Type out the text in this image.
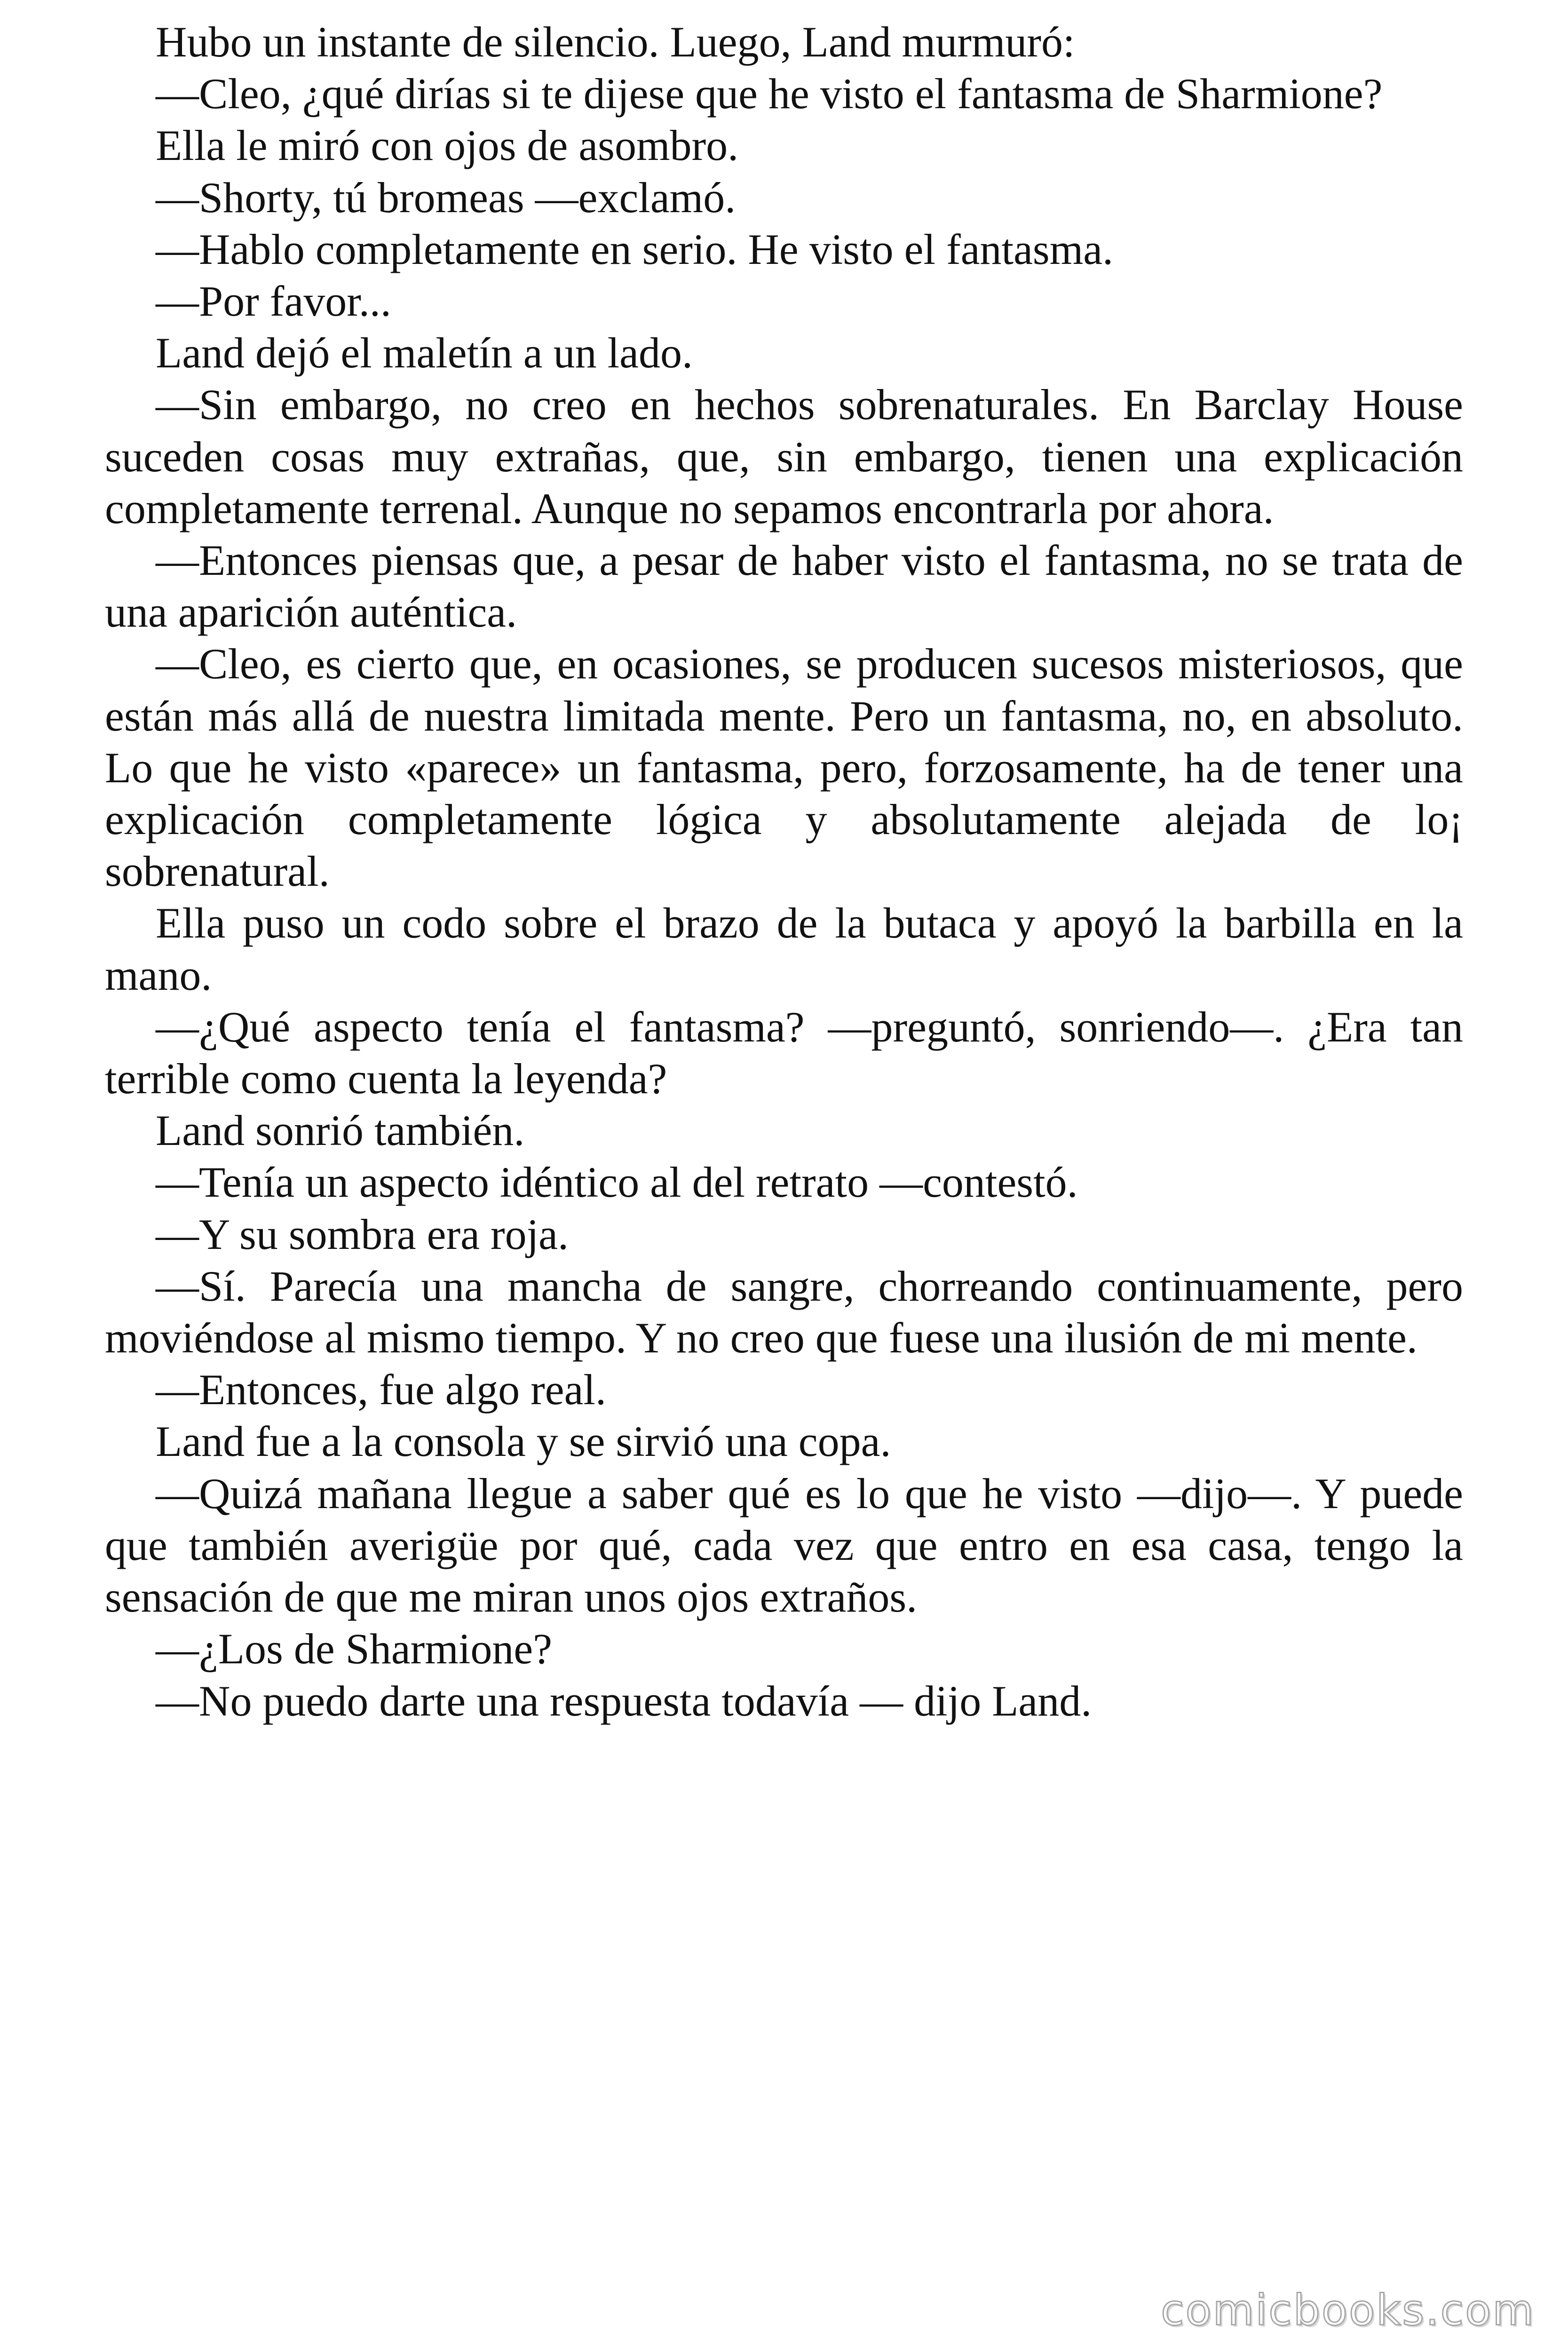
Hubo un instante de silencio. Luego, Land murmuró:
—Cleo, ¿qué dirías si te dijese que he visto el fantasma de Sharmione?
Ella le miró con ojos de asombro.
—Shorty, tú bromeas —exclamó.
—Hablo completamente en serio. He visto el fantasma.
—Por favor...
Land dejó el maletín a un lado.
—Sin embargo, no creo en hechos sobrenaturales. En Barclay House
suceden cosas muy extrañas, que, sin embargo, tienen una explicación
completamente terrenal. Aunque no sepamos encontrarla por ahora.
—Entonces piensas que, a pesar de haber visto el fantasma, no se trata de
una aparición auténtica.
—Cleo, es cierto que, en ocasiones, se producen sucesos misteriosos, que
están más allá de nuestra limitada mente. Pero un fantasma, no, en absoluto.
Lo que he visto «parece» un fantasma, pero, forzosamente, ha de tener una
explicación completamente lógica y absolutamente alejada de lo¡
sobrenatural.
Ella puso un codo sobre el brazo de la butaca y apoyó la barbilla en la
mano.
—¿Qué aspecto tenía el fantasma? —preguntó, sonriendo—. ¿Era tan
terrible como cuenta la leyenda?
Land sonrió también.
—Tenía un aspecto idéntico al del retrato —contestó.
—Y su sombra era roja.
—Sí. Parecía una mancha de sangre, chorreando continuamente, pero
moviéndose al mismo tiempo. Y no creo que fuese una ilusión de mi mente.
—Entonces, fue algo real.
Land fue a la consola y se sirvió una copa.
—Quizá mañana llegue a saber qué es lo que he visto —dijo—. Y puede
que también averigüe por qué, cada vez que entro en esa casa, tengo la
sensación de que me miran unos ojos extraños.
—¿Los de Sharmione?
—No puedo darte una respuesta todavía — dijo Land.
comicbooks.com
